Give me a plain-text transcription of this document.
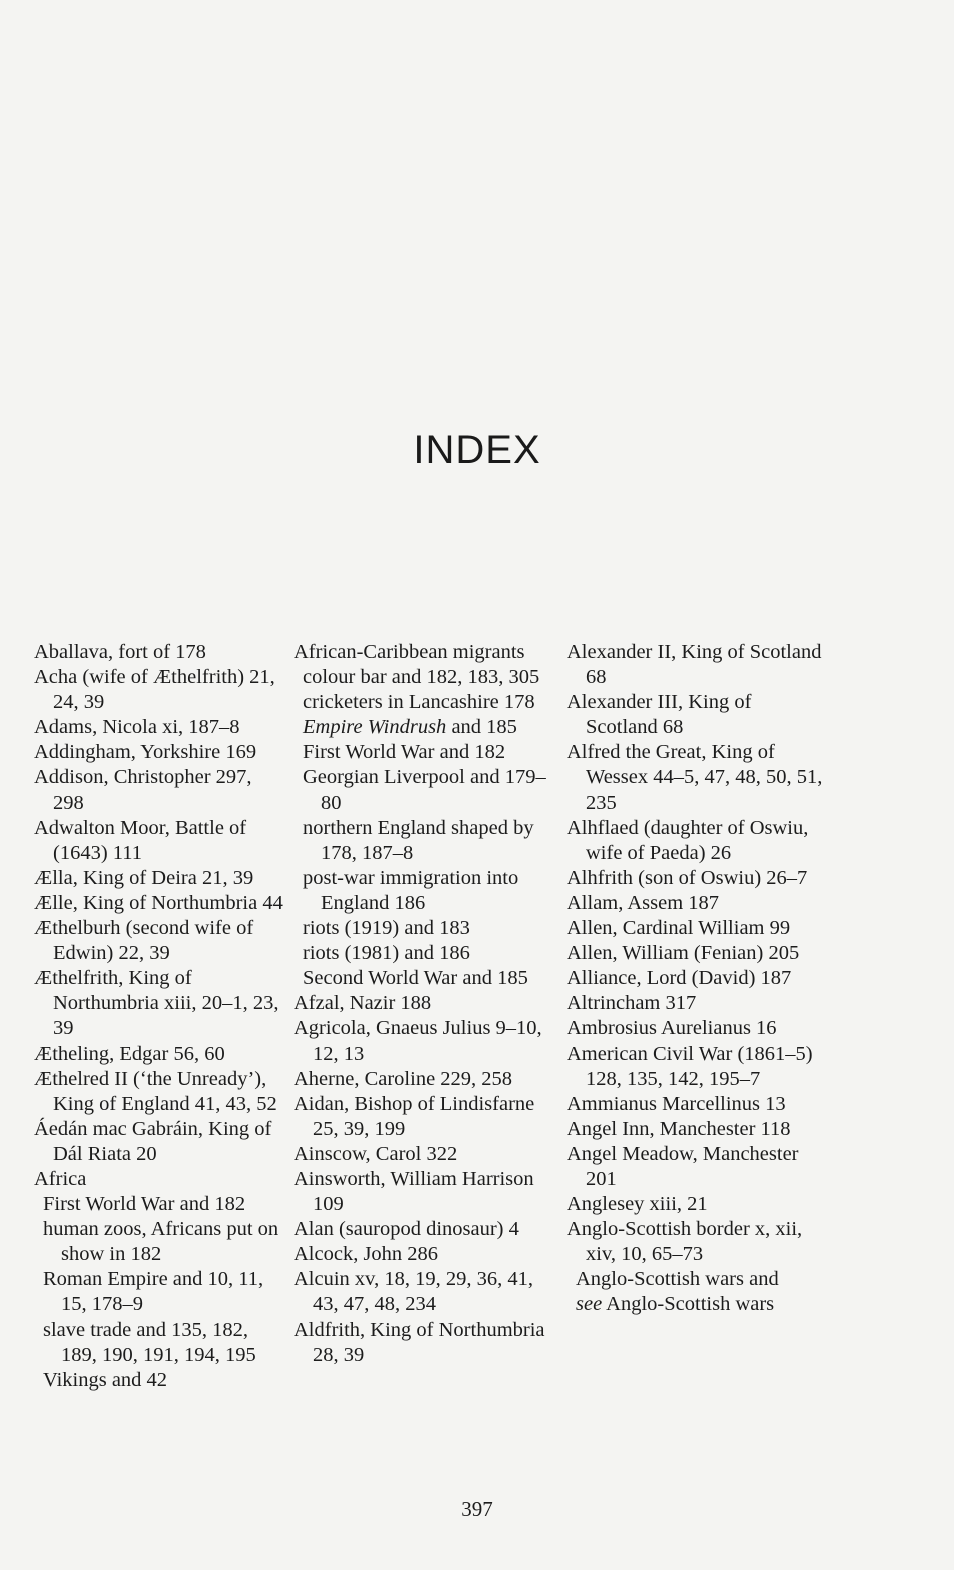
INDEX
Aballava, fort of 178
Acha (wife of Æthelfrith) 21, 24, 39
Adams, Nicola xi, 187–8
Addingham, Yorkshire 169
Addison, Christopher 297, 298
Adwalton Moor, Battle of (1643) 111
Ælla, King of Deira 21, 39
Ælle, King of Northumbria 44
Æthelburh (second wife of Edwin) 22, 39
Æthelfrith, King of Northumbria xiii, 20–1, 23, 39
Ætheling, Edgar 56, 60
Æthelred II (‘the Unready’), King of England 41, 43, 52
Áedán mac Gabráin, King of Dál Riata 20
Africa
First World War and 182
human zoos, Africans put on show in 182
Roman Empire and 10, 11, 15, 178–9
slave trade and 135, 182, 189, 190, 191, 194, 195
Vikings and 42
African-Caribbean migrants
colour bar and 182, 183, 305
cricketers in Lancashire 178
Empire Windrush and 185
First World War and 182
Georgian Liverpool and 179–80
northern England shaped by 178, 187–8
post-war immigration into England 186
riots (1919) and 183
riots (1981) and 186
Second World War and 185
Afzal, Nazir 188
Agricola, Gnaeus Julius 9–10, 12, 13
Aherne, Caroline 229, 258
Aidan, Bishop of Lindisfarne 25, 39, 199
Ainscow, Carol 322
Ainsworth, William Harrison 109
Alan (sauropod dinosaur) 4
Alcock, John 286
Alcuin xv, 18, 19, 29, 36, 41, 43, 47, 48, 234
Aldfrith, King of Northumbria 28, 39
Alexander II, King of Scotland 68
Alexander III, King of Scotland 68
Alfred the Great, King of Wessex 44–5, 47, 48, 50, 51, 235
Alhflaed (daughter of Oswiu, wife of Paeda) 26
Alhfrith (son of Oswiu) 26–7
Allam, Assem 187
Allen, Cardinal William 99
Allen, William (Fenian) 205
Alliance, Lord (David) 187
Altrincham 317
Ambrosius Aurelianus 16
American Civil War (1861–5) 128, 135, 142, 195–7
Ammianus Marcellinus 13
Angel Inn, Manchester 118
Angel Meadow, Manchester 201
Anglesey xiii, 21
Anglo-Scottish border x, xii, xiv, 10, 65–73
Anglo-Scottish wars and
see Anglo-Scottish wars
397
